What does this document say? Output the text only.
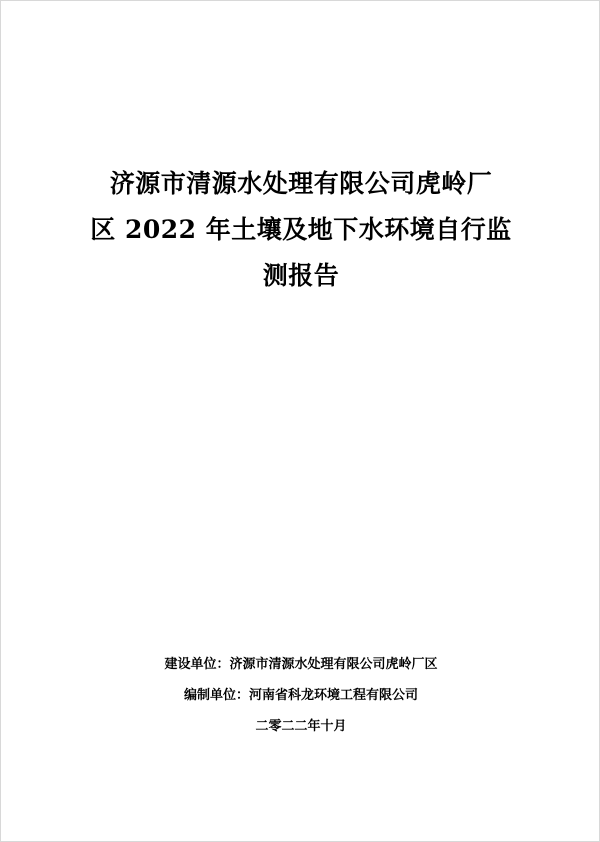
济源市清源水处理有限公司虎岭厂
区 2022 年土壤及地下水环境自行监
测报告
建设单位：济源市清源水处理有限公司虎岭厂区
编制单位：河南省科龙环境工程有限公司
二零二二年十月
